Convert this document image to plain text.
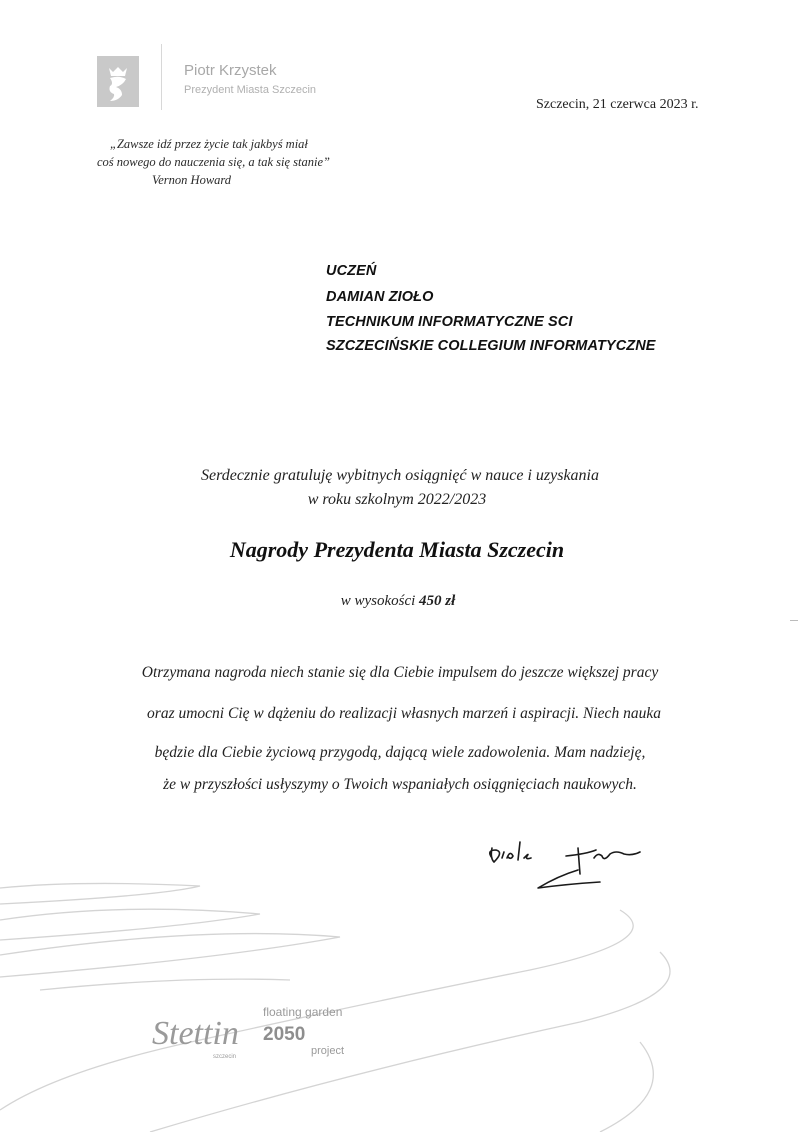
Piotr Krzystek
Prezydent Miasta Szczecin
Szczecin, 21 czerwca 2023 r.
„Zawsze idź przez życie tak jakbyś miał
coś nowego do nauczenia się, a tak się stanie”
Vernon Howard
UCZEŃ
DAMIAN ZIOŁO
TECHNIKUM INFORMATYCZNE SCI
SZCZECIŃSKIE COLLEGIUM INFORMATYCZNE
Serdecznie gratuluję wybitnych osiągnięć w nauce i uzyskania
w roku szkolnym 2022/2023
Nagrody Prezydenta Miasta Szczecin
w wysokości 450 zł
Otrzymana nagroda niech stanie się dla Ciebie impulsem do jeszcze większej pracy
oraz umocni Cię w dążeniu do realizacji własnych marzeń i aspiracji. Niech nauka
będzie dla Ciebie życiową przygodą, dającą wiele zadowolenia. Mam nadzieję,
że w przyszłości usłyszymy o Twoich wspaniałych osiągnięciach naukowych.
Stettin
floating garden
2050
project
szczecin
